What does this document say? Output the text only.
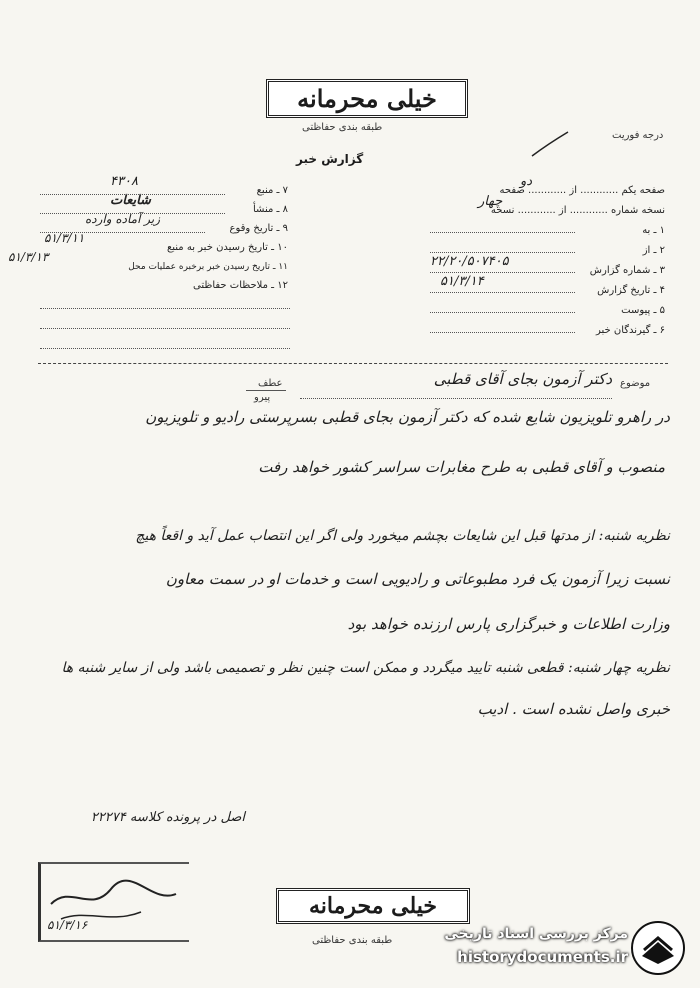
خیلی محرمانه
طبقه بندی حفاظتی
گزارش خبر
درجه فوریت
صفحه یکم ............ از ............ صفحه
دو
نسخه شماره ............ از ............ نسخه
چهار
۱ ـ به
۲ ـ از
۳ ـ شماره گزارش
۲۲/۲۰/۵۰۷۴۰۵
۴ ـ تاریخ گزارش
۵۱/۳/۱۴
۵ ـ پیوست
۶ ـ گیرندگان خبر
۷ ـ منبع
۴۳۰۸
۸ ـ منشأ
شایعات
۹ ـ تاریخ وقوع
زیر آماده وارده
۱۰ ـ تاریخ رسیدن خبر به منبع
۵۱/۳/۱۱
۱۱ ـ تاریخ رسیدن خبر برخبره عملیات محل
۵۱/۳/۱۳
۱۲ ـ ملاحظات حفاظتی
عطف
پیرو
موضوع
دکتر آزمون بجای آقای قطبی
در راهرو تلویزیون شایع شده که دکتر آزمون بجای قطبی بسرپرستی رادیو و تلویزیون
منصوب و آقای قطبی به طرح مغابرات سراسر کشور خواهد رفت
نظریه شنبه: از مدتها قبل این شایعات بچشم میخورد ولی اگر این انتصاب عمل آید و اقعاً هیچ
نسبت زیرا آزمون یک فرد مطبوعاتی و رادیویی است و خدمات او در سمت معاون
وزارت اطلاعات و خبرگزاری پارس ارزنده خواهد بود
نظریه چهار شنبه: قطعی شنبه تایید میگردد و ممکن است چنین نظر و تصمیمی باشد ولی از سایر شنبه ها
خبری واصل نشده است . ادیب
اصل در پرونده کلاسه ۲۲۲۷۴
۵۱/۳/۱۶
خیلی محرمانه
طبقه بندی حفاظتی	مرکز بررسی اسناد تاریخی
historydocuments.ir
